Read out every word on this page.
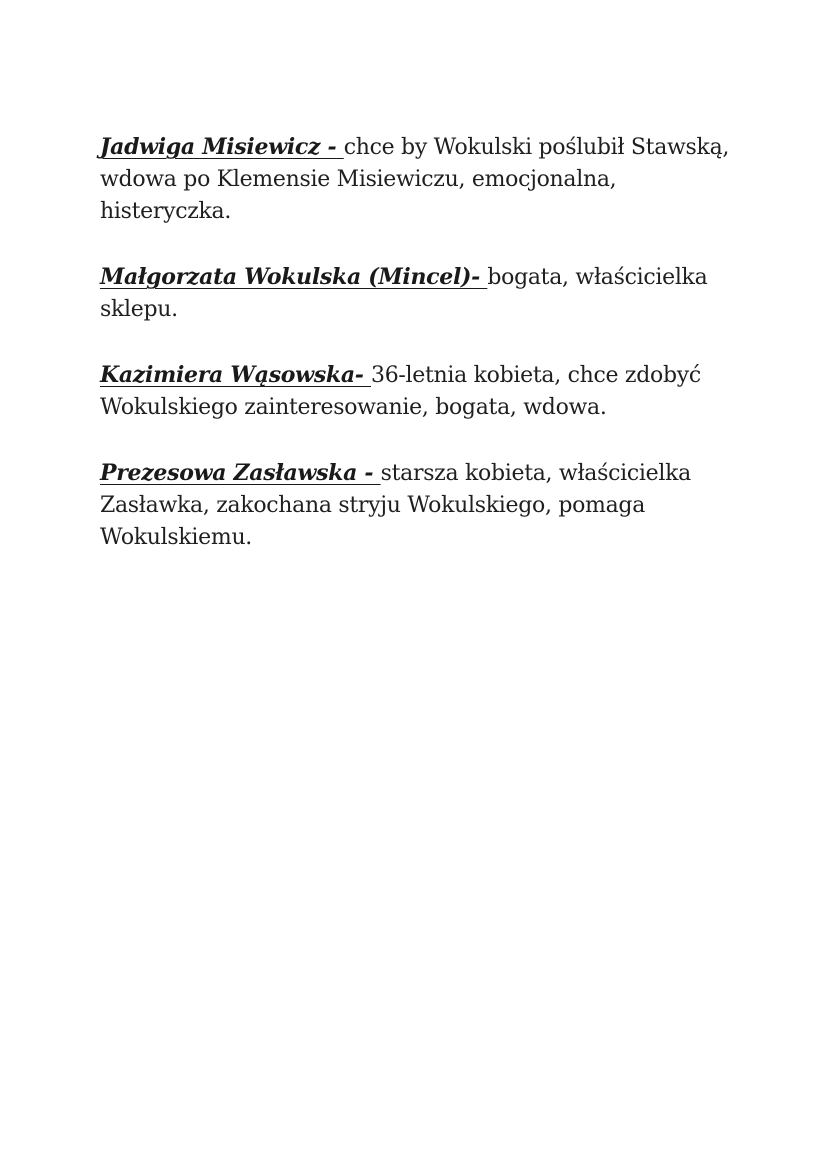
Jadwiga Misiewicz - chce by Wokulski poślubił Stawską, wdowa po Klemensie Misiewiczu, emocjonalna, histeryczka.

Małgorzata Wokulska (Mincel)- bogata, właścicielka sklepu.

Kazimiera Wąsowska- 36-letnia kobieta, chce zdobyć Wokulskiego zainteresowanie, bogata, wdowa.

Prezesowa Zasławska - starsza kobieta, właścicielka Zasławka, zakochana stryju Wokulskiego, pomaga Wokulskiemu.
